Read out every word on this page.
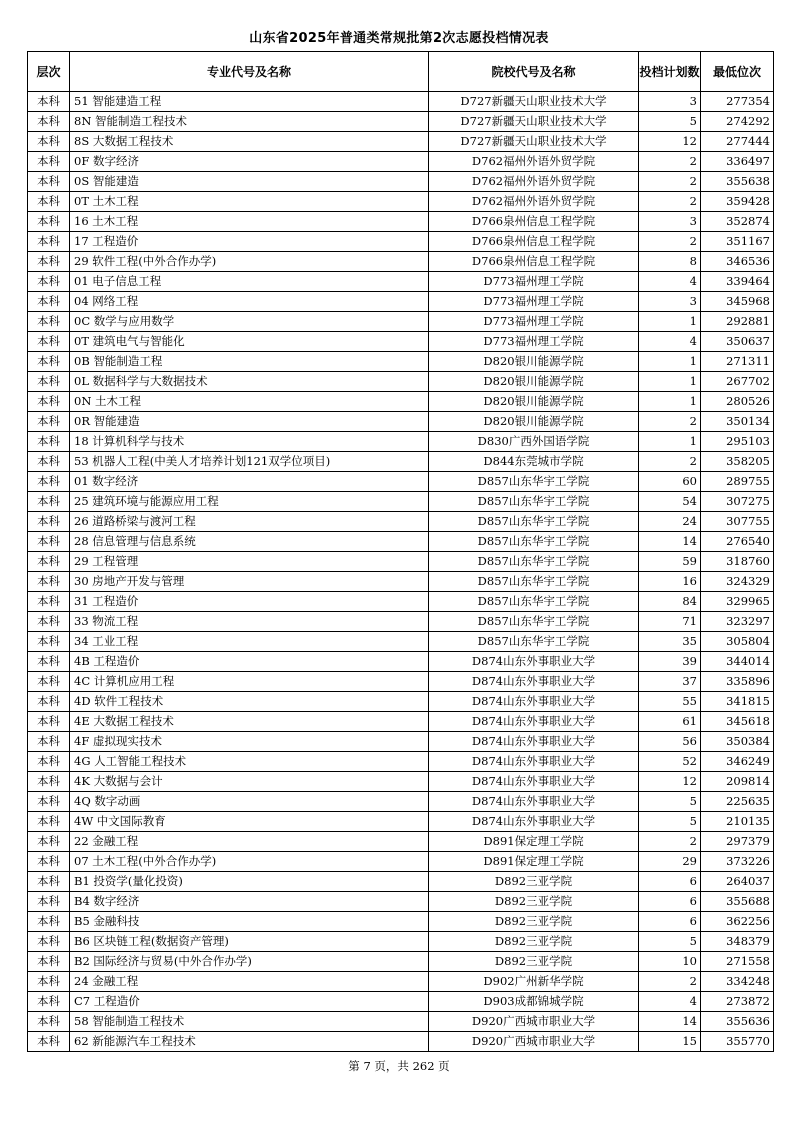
山东省2025年普通类常规批第2次志愿投档情况表
层次	专业代号及名称	院校代号及名称	投档计划数	最低位次
本科	51 智能建造工程	D727新疆天山职业技术大学	3	277354
本科	8N 智能制造工程技术	D727新疆天山职业技术大学	5	274292
本科	8S 大数据工程技术	D727新疆天山职业技术大学	12	277444
本科	0F 数字经济	D762福州外语外贸学院	2	336497
本科	0S 智能建造	D762福州外语外贸学院	2	355638
本科	0T 土木工程	D762福州外语外贸学院	2	359428
本科	16 土木工程	D766泉州信息工程学院	3	352874
本科	17 工程造价	D766泉州信息工程学院	2	351167
本科	29 软件工程(中外合作办学)	D766泉州信息工程学院	8	346536
本科	01 电子信息工程	D773福州理工学院	4	339464
本科	04 网络工程	D773福州理工学院	3	345968
本科	0C 数学与应用数学	D773福州理工学院	1	292881
本科	0T 建筑电气与智能化	D773福州理工学院	4	350637
本科	0B 智能制造工程	D820银川能源学院	1	271311
本科	0L 数据科学与大数据技术	D820银川能源学院	1	267702
本科	0N 土木工程	D820银川能源学院	1	280526
本科	0R 智能建造	D820银川能源学院	2	350134
本科	18 计算机科学与技术	D830广西外国语学院	1	295103
本科	53 机器人工程(中美人才培养计划121双学位项目)	D844东莞城市学院	2	358205
本科	01 数字经济	D857山东华宇工学院	60	289755
本科	25 建筑环境与能源应用工程	D857山东华宇工学院	54	307275
本科	26 道路桥梁与渡河工程	D857山东华宇工学院	24	307755
本科	28 信息管理与信息系统	D857山东华宇工学院	14	276540
本科	29 工程管理	D857山东华宇工学院	59	318760
本科	30 房地产开发与管理	D857山东华宇工学院	16	324329
本科	31 工程造价	D857山东华宇工学院	84	329965
本科	33 物流工程	D857山东华宇工学院	71	323297
本科	34 工业工程	D857山东华宇工学院	35	305804
本科	4B 工程造价	D874山东外事职业大学	39	344014
本科	4C 计算机应用工程	D874山东外事职业大学	37	335896
本科	4D 软件工程技术	D874山东外事职业大学	55	341815
本科	4E 大数据工程技术	D874山东外事职业大学	61	345618
本科	4F 虚拟现实技术	D874山东外事职业大学	56	350384
本科	4G 人工智能工程技术	D874山东外事职业大学	52	346249
本科	4K 大数据与会计	D874山东外事职业大学	12	209814
本科	4Q 数字动画	D874山东外事职业大学	5	225635
本科	4W 中文国际教育	D874山东外事职业大学	5	210135
本科	22 金融工程	D891保定理工学院	2	297379
本科	07 土木工程(中外合作办学)	D891保定理工学院	29	373226
本科	B1 投资学(量化投资)	D892三亚学院	6	264037
本科	B4 数字经济	D892三亚学院	6	355688
本科	B5 金融科技	D892三亚学院	6	362256
本科	B6 区块链工程(数据资产管理)	D892三亚学院	5	348379
本科	B2 国际经济与贸易(中外合作办学)	D892三亚学院	10	271558
本科	24 金融工程	D902广州新华学院	2	334248
本科	C7 工程造价	D903成都锦城学院	4	273872
本科	58 智能制造工程技术	D920广西城市职业大学	14	355636
本科	62 新能源汽车工程技术	D920广西城市职业大学	15	355770
第 7 页，共 262 页
